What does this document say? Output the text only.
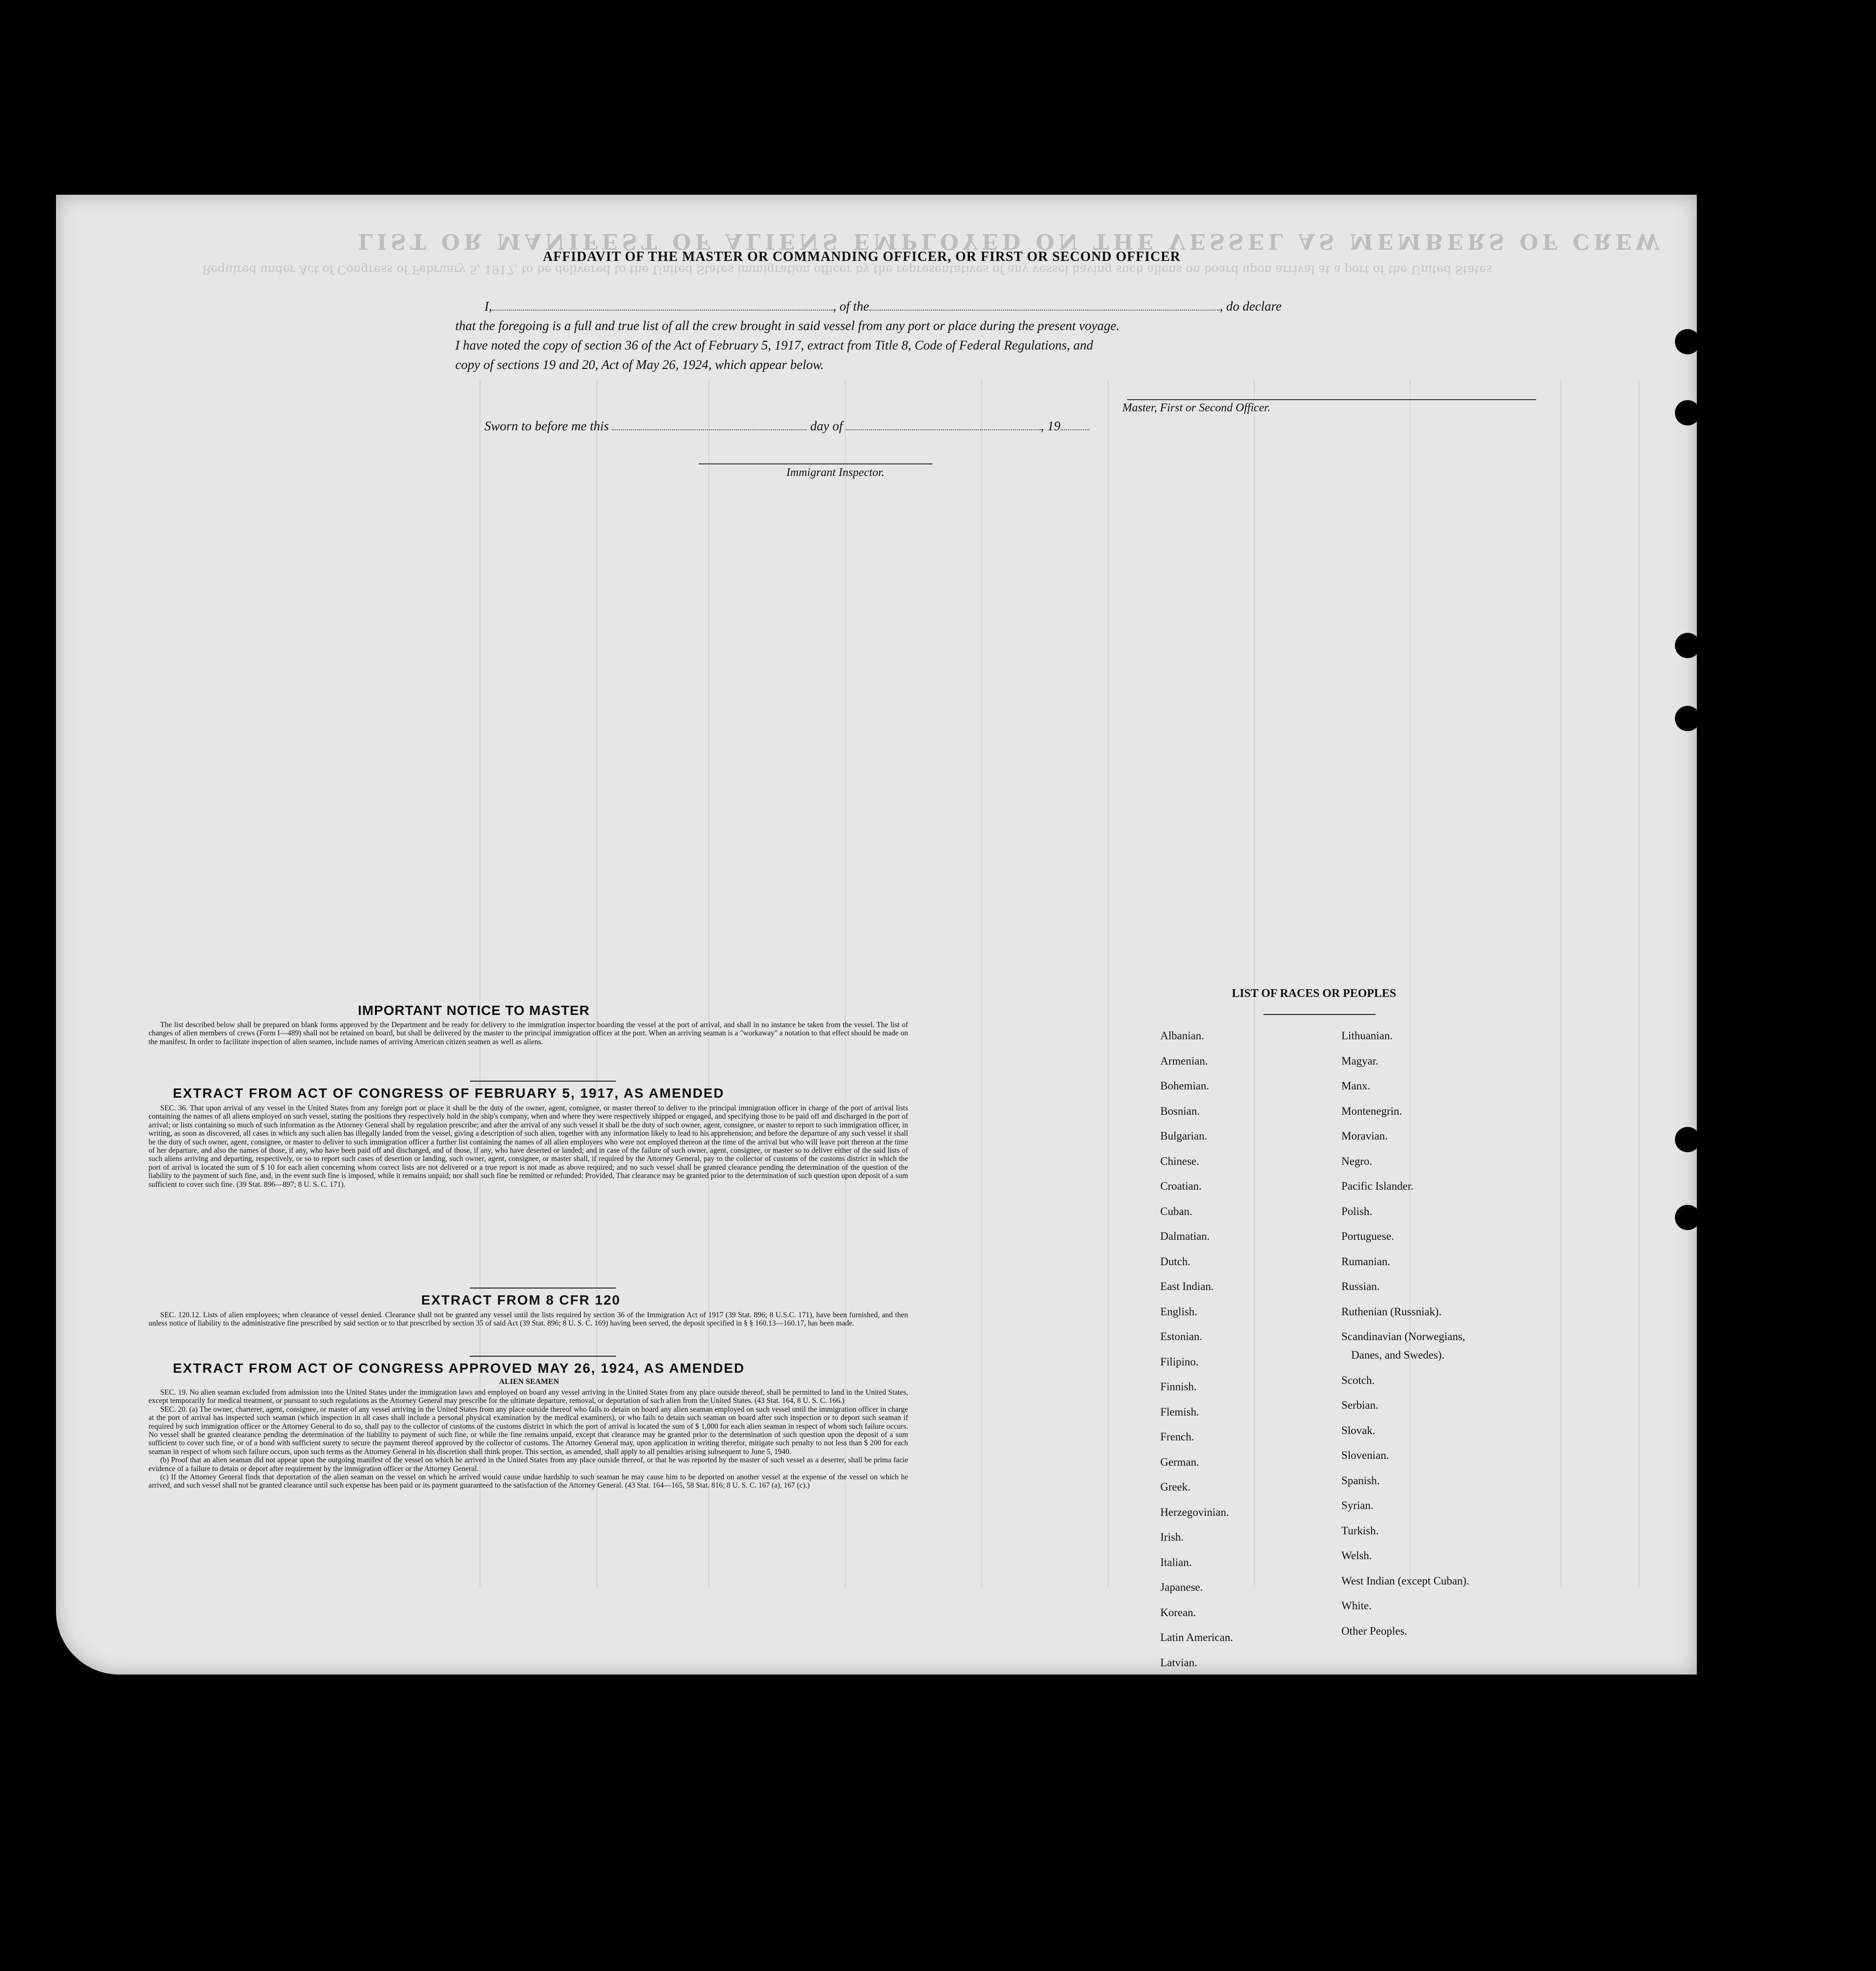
LIST OR MANIFEST OF ALIENS EMPLOYED ON THE VESSEL AS MEMBERS OF CREW
Required under Act of Congress of February 5, 1917, to be delivered to the United States immigration officer by the representatives of any vessel having such aliens on board upon arrival at a port of the United States
AFFIDAVIT OF THE MASTER OR COMMANDING OFFICER, OR FIRST OR SECOND OFFICER
I,	, of the	, do declare
that the foregoing is a full and true list of all the crew brought in said vessel from any port or place during the present voyage.
I have noted the copy of section 36 of the Act of February 5, 1917, extract from Title 8, Code of Federal Regulations, and
copy of sections 19 and 20, Act of May 26, 1924, which appear below.
Master, First or Second Officer.
Sworn to before me this	day of	, 19
Immigrant Inspector.
IMPORTANT NOTICE TO MASTER

The list described below shall be prepared on blank forms approved by the Department and be ready for delivery to the immigration inspector boarding the vessel at the port of arrival, and shall in no instance be taken from the vessel. The list of changes of alien members of crews (Form I—489) shall not be retained on board, but shall be delivered by the master to the principal immigration officer at the port. When an arriving seaman is a "workaway" a notation to that effect should be made on the manifest. In order to facilitate inspection of alien seamen, include names of arriving American citizen seamen as well as aliens.

EXTRACT FROM ACT OF CONGRESS OF FEBRUARY 5, 1917, AS AMENDED

SEC. 36. That upon arrival of any vessel in the United States from any foreign port or place it shall be the duty of the owner, agent, consignee, or master thereof to deliver to the principal immigration officer in charge of the port of arrival lists containing the names of all aliens employed on such vessel, stating the positions they respectively hold in the ship's company, when and where they were respectively shipped or engaged, and specifying those to be paid off and discharged in the port of arrival; or lists containing so much of such information as the Attorney General shall by regulation prescribe; and after the arrival of any such vessel it shall be the duty of such owner, agent, consignee, or master to report to such immigration officer, in writing, as soon as discovered, all cases in which any such alien has illegally landed from the vessel, giving a description of such alien, together with any information likely to lead to his apprehension; and before the departure of any such vessel it shall be the duty of such owner, agent, consignee, or master to deliver to such immigration officer a further list containing the names of all alien employees who were not employed thereon at the time of the arrival but who will leave port thereon at the time of her departure, and also the names of those, if any, who have been paid off and discharged, and of those, if any, who have deserted or landed; and in case of the failure of such owner, agent, consignee, or master so to deliver either of the said lists of such aliens arriving and departing, respectively, or so to report such cases of desertion or landing, such owner, agent, consignee, or master shall, if required by the Attorney General, pay to the collector of customs of the customs district in which the port of arrival is located the sum of $ 10 for each alien concerning whom correct lists are not delivered or a true report is not made as above required; and no such vessel shall be granted clearance pending the determination of the question of the liability to the payment of such fine, and, in the event such fine is imposed, while it remains unpaid; nor shall such fine be remitted or refunded: Provided, That clearance may be granted prior to the determination of such question upon deposit of a sum sufficient to cover such fine. (39 Stat. 896—897; 8 U. S. C. 171).

EXTRACT FROM 8 CFR 120

SEC. 120.12. Lists of alien employees; when clearance of vessel denied. Clearance shall not be granted any vessel until the lists required by section 36 of the Immigration Act of 1917 (39 Stat. 896; 8 U.S.C. 171), have been furnished, and then unless notice of liability to the administrative fine prescribed by said section or to that prescribed by section 35 of said Act (39 Stat. 896; 8 U. S. C. 169) having been served, the deposit specified in § § 160.13—160.17, has been made.

EXTRACT FROM ACT OF CONGRESS APPROVED MAY 26, 1924, AS AMENDED
ALIEN SEAMEN

SEC. 19. No alien seaman excluded from admission into the United States under the immigration laws and employed on board any vessel arriving in the United States from any place outside thereof, shall be permitted to land in the United States, except temporarily for medical treatment, or pursuant to such regulations as the Attorney General may prescribe for the ultimate departure, removal, or deportation of such alien from the United States. (43 Stat. 164, 8 U. S. C. 166.)

SEC. 20. (a) The owner, charterer, agent, consignee, or master of any vessel arriving in the United States from any place outside thereof who fails to detain on board any alien seaman employed on such vessel until the immigration officer in charge at the port of arrival has inspected such seaman (which inspection in all cases shall include a personal physical examination by the medical examiners), or who fails to detain such seaman on board after such inspection or to deport such seaman if required by such immigration officer or the Attorney General to do so, shall pay to the collector of customs of the customs district in which the port of arrival is located the sum of $ 1,000 for each alien seaman in respect of whom such failure occurs. No vessel shall be granted clearance pending the determination of the liability to payment of such fine, or while the fine remains unpaid, except that clearance may be granted prior to the determination of such question upon the deposit of a sum sufficient to cover such fine, or of a bond with sufficient surety to secure the payment thereof approved by the collector of customs. The Attorney General may, upon application in writing therefor, mitigate such penalty to not less than $ 200 for each seaman in respect of whom such failure occurs, upon such terms as the Attorney General in his discretion shall think proper. This section, as amended, shall apply to all penalties arising subsequent to June 5, 1940.

(b) Proof that an alien seaman did not appear upon the outgoing manifest of the vessel on which he arrived in the United States from any place outside thereof, or that he was reported by the master of such vessel as a deserter, shall be prima facie evidence of a failure to detain or deport after requirement by the immigration officer or the Attorney General.

(c) If the Attorney General finds that deportation of the alien seaman on the vessel on which he arrived would cause undue hardship to such seaman he may cause him to be deported on another vessel at the expense of the vessel on which he arrived, and such vessel shall not be granted clearance until such expense has been paid or its payment guaranteed to the satisfaction of the Attorney General. (43 Stat. 164—165, 58 Stat. 816; 8 U. S. C. 167 (a), 167 (c).)

LIST OF RACES OR PEOPLES
Albanian.
Armenian.
Bohemian.
Bosnian.
Bulgarian.
Chinese.
Croatian.
Cuban.
Dalmatian.
Dutch.
East Indian.
English.
Estonian.
Filipino.
Finnish.
Flemish.
French.
German.
Greek.
Herzegovinian.
Irish.
Italian.
Japanese.
Korean.
Latin American.
Latvian.
Lithuanian.
Magyar.
Manx.
Montenegrin.
Moravian.
Negro.
Pacific Islander.
Polish.
Portuguese.
Rumanian.
Russian.
Ruthenian (Russniak).
Scandinavian (Norwegians,
Danes, and Swedes).
Scotch.
Serbian.
Slovak.
Slovenian.
Spanish.
Syrian.
Turkish.
Welsh.
West Indian (except Cuban).
White.
Other Peoples.
